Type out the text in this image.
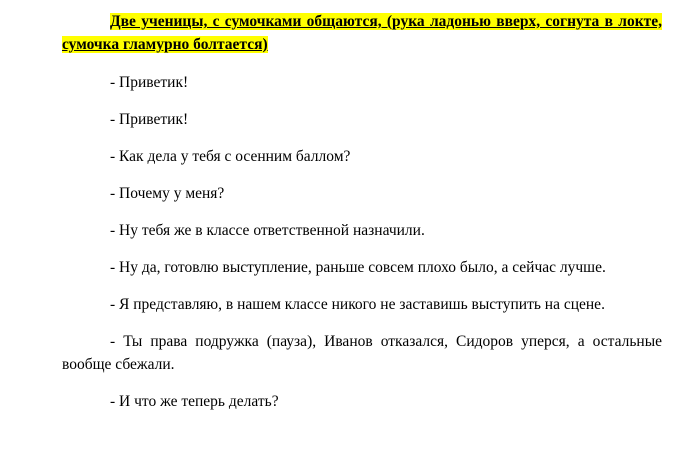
Две ученицы, с сумочками общаются, (рука ладонью вверх, согнута в локте, сумочка гламурно болтается)

- Приветик!

- Приветик!

- Как дела у тебя с осенним баллом?

- Почему у меня?

- Ну тебя же в классе ответственной назначили.

- Ну да, готовлю выступление, раньше совсем плохо было, а сейчас лучше.

- Я представляю, в нашем классе никого не заставишь выступить на сцене.

- Ты права подружка (пауза), Иванов отказался, Сидоров уперся, а остальные вообще сбежали.

- И что же теперь делать?
